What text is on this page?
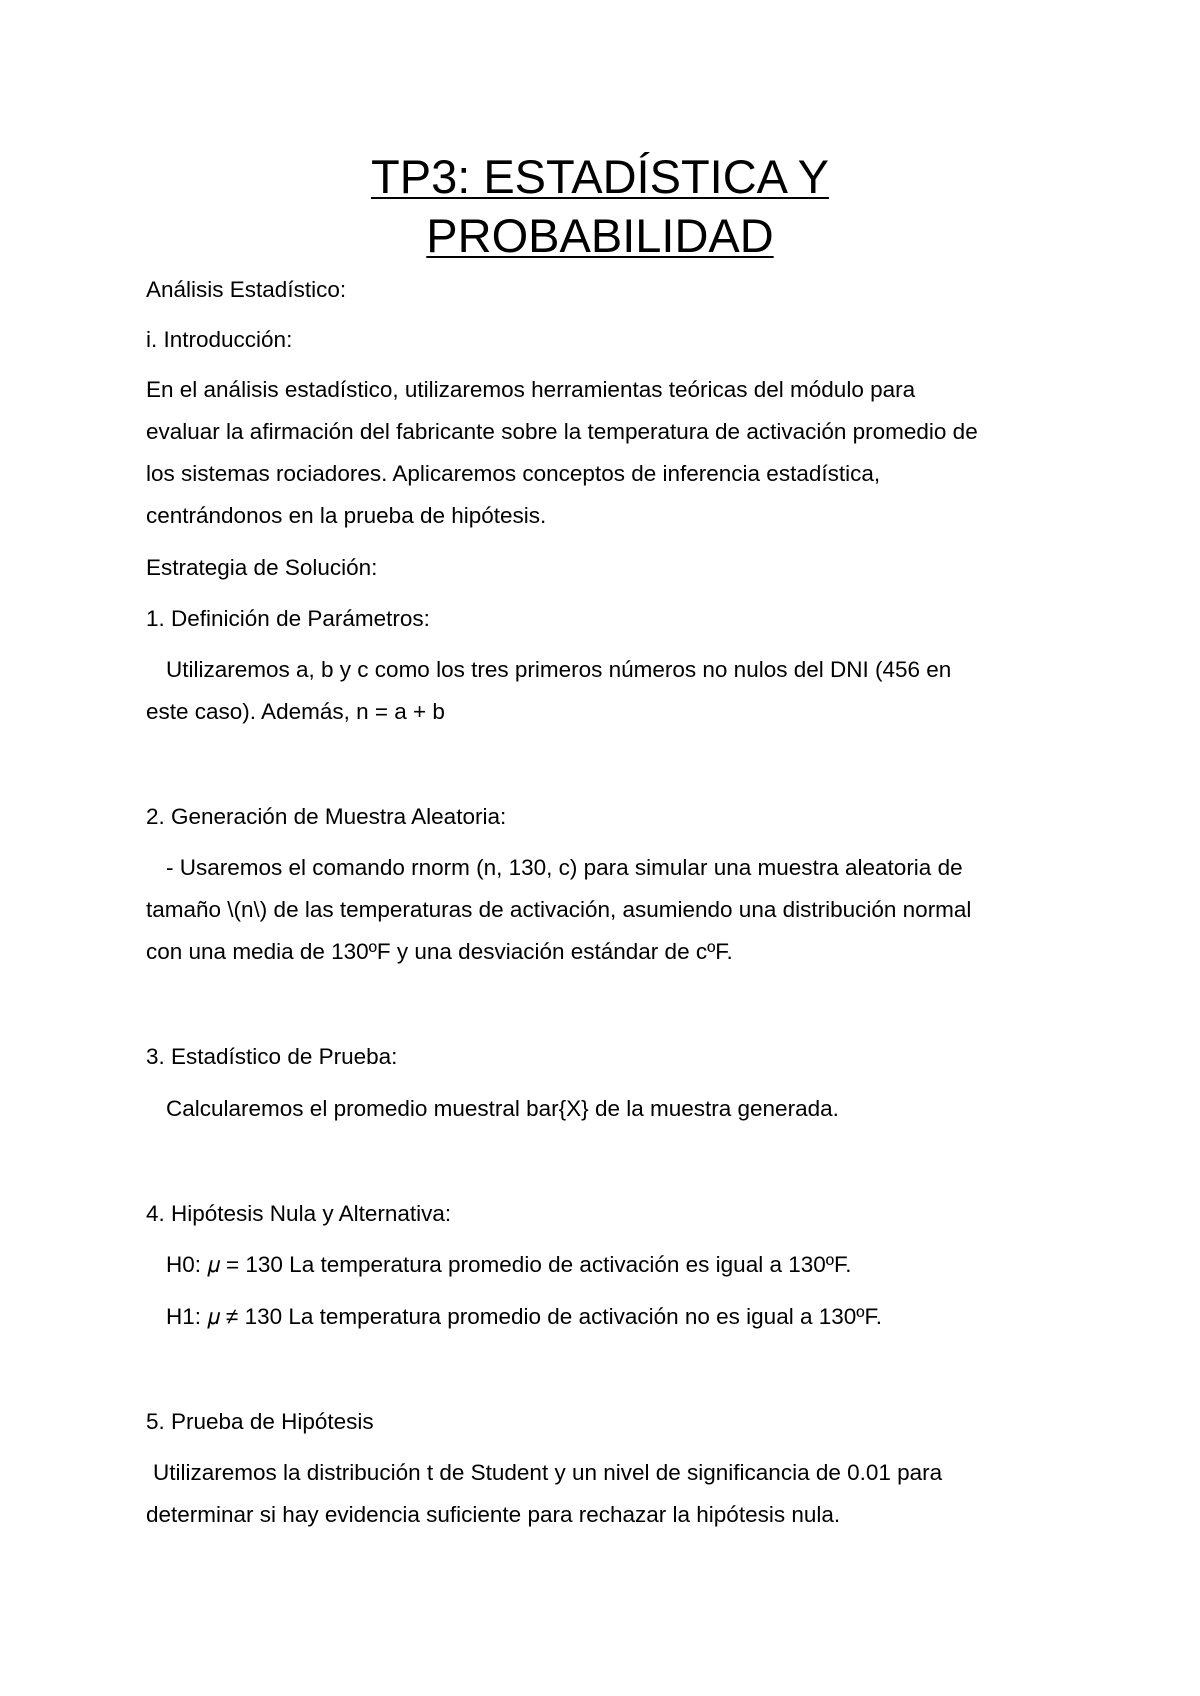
TP3: ESTADÍSTICA Y
PROBABILIDAD

Análisis Estadístico:

i. Introducción:

En el análisis estadístico, utilizaremos herramientas teóricas del módulo para

evaluar la afirmación del fabricante sobre la temperatura de activación promedio de

los sistemas rociadores. Aplicaremos conceptos de inferencia estadística,

centrándonos en la prueba de hipótesis.

Estrategia de Solución:

1. Definición de Parámetros:

Utilizaremos a, b y c como los tres primeros números no nulos del DNI (456 en

este caso). Además, n = a + b

2. Generación de Muestra Aleatoria:

- Usaremos el comando rnorm (n, 130, c) para simular una muestra aleatoria de

tamaño \(n\) de las temperaturas de activación, asumiendo una distribución normal

con una media de 130ºF y una desviación estándar de cºF.

3. Estadístico de Prueba:

Calcularemos el promedio muestral bar{X} de la muestra generada.

4. Hipótesis Nula y Alternativa:

H0: 𝜇 = 130 La temperatura promedio de activación es igual a 130ºF.

H1: 𝜇 ≠ 130 La temperatura promedio de activación no es igual a 130ºF.

5. Prueba de Hipótesis

Utilizaremos la distribución t de Student y un nivel de significancia de 0.01 para

determinar si hay evidencia suficiente para rechazar la hipótesis nula.
